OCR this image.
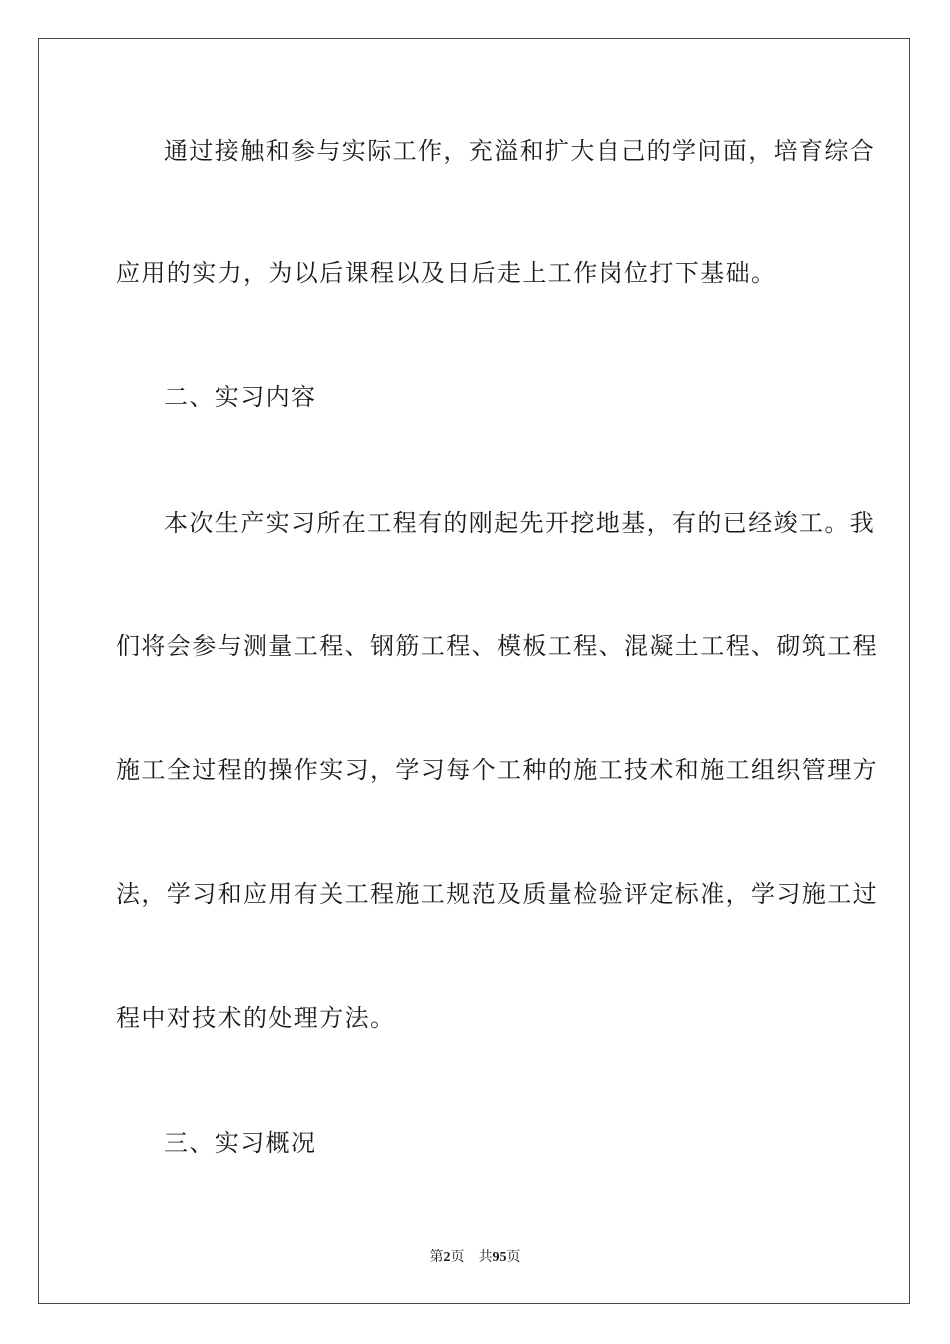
通过接触和参与实际工作，充溢和扩大自己的学问面，培育综合
应用的实力，为以后课程以及日后走上工作岗位打下基础。
二、实习内容
本次生产实习所在工程有的刚起先开挖地基，有的已经竣工。我
们将会参与测量工程、钢筋工程、模板工程、混凝土工程、砌筑工程
施工全过程的操作实习，学习每个工种的施工技术和施工组织管理方
法，学习和应用有关工程施工规范及质量检验评定标准，学习施工过
程中对技术的处理方法。
三、实习概况
第2页 共95页
